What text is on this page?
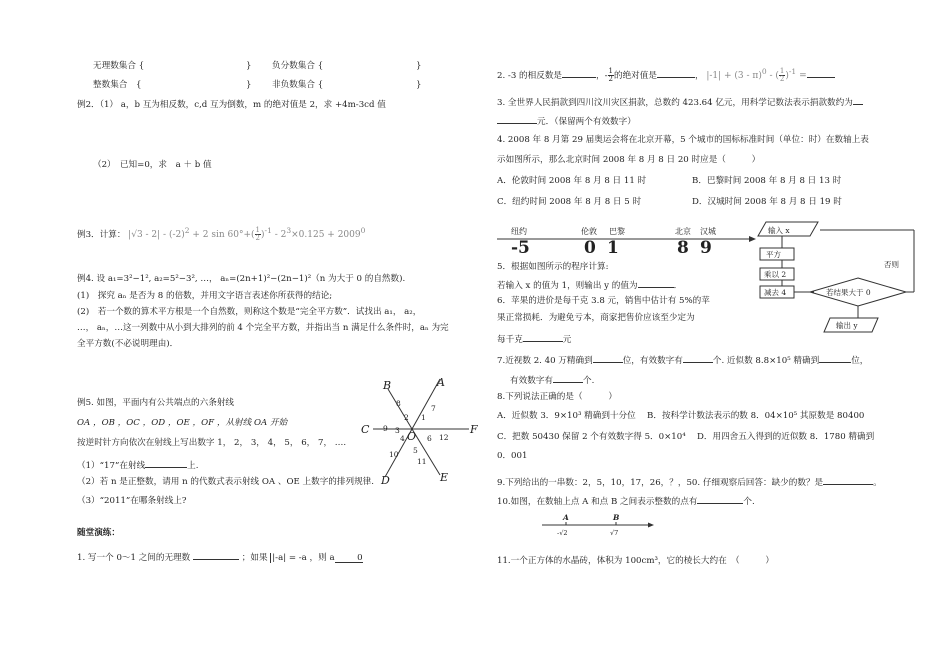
无理数集合 {	} 负分数集合 {	}
整数集合　{	} 非负数集合 {	}
例2．（1） a，b 互为相反数，c,d 互为倒数，m 的绝对值是 2，求 +4m-3cd 值
（2）　已知=0，求　a ＋ b 值
例3．计算： $|√3 - 2| - (-2)^2 + 2$ $\sin 60^\circ+( \frac{1}{2} )^{-1} - 2^3\times 0.125 + 2009^0$
例4. 设 a₁=3²−1², a₂=5²−3², …， aₙ=(2n+1)²−(2n−1)²（n 为大于 0 的自然数).
(1)　探究 aₙ 是否为 8 的倍数，并用文字语言表述你所获得的结论;
(2)　若一个数的算术平方根是一个自然数，则称这个数是“完全平方数”．试找出 a₁， a₂，
…， aₙ，…这一列数中从小到大排列的前 4 个完全平方数，并指出当 n 满足什么条件时，aₙ 为完
全平方数(不必说明理由)．
例5. 如图，平面内有公共端点的六条射线
OA ，OB ，OC ，OD ，OE ，OF ，从射线 OA 开始
按逆时针方向依次在射线上写出数字 1， 2， 3， 4， 5， 6， 7， ….
（1）“17”在射线	上.
（2）若 n 是正整数，请用 n 的代数式表示射线 OA 、OE 上数字的排列规律.
（3）“2011”在哪条射线上?
A
B
C
D	E
F
O
1
2
3
4
5
6
7
8
9
10
11
12
随堂演练：
1. 写一个 0～1 之间的无理数	；如果 |-a| = -a ，则 a	0
2. -3 的相反数是	，- $\frac{1}{2}$ 的绝对值是	， |-1| + (3 - π)$^0$ - ( $\frac{1}{2} )^{-1}$ =
3. 全世界人民捐款到四川汶川灾区捐款，总数约 423.64 亿元，用科学记数法表示捐款数约为
元．（保留两个有效数字）
4. 2008 年 8 月第 29 届奥运会将在北京开幕，5 个城市的国标标准时间（单位：时）在数轴上表
示如图所示，那么北京时间 2008 年 8 月 8 日 20 时应是（　　　）
A．伦敦时间 2008 年 8 月 8 日 11 时	B．巴黎时间 2008 年 8 月 8 日 13 时
C．纽约时间 2008 年 8 月 8 日 5 时	D．汉城时间 2008 年 8 月 8 日 19 时
纽约	伦敦 巴黎	北京 汉城
-5	0 1	8 9
输入 x
平方
乘以 2
减去 4	若结果大于 0
否则
输出 y
5．根据如图所示的程序计算:
若输入 x 的值为 1，则输出 y 的值为	．
6．苹果的进价是每千克 3.8 元，销售中估计有 5%的苹
果正常损耗．为避免亏本，商家把售价应该至少定为
每千克	元
7.近视数 2. 40 万精确到	位，有效数字有	个. 近似数 8.8×10⁵ 精确到	位，
有效数字有	个.
8.下列说法正确的是（　　　）
A．近似数 3．9×10³ 精确到十分位　 B．按科学计数法表示的数 8．04×10⁵ 其原数是 80400
C．把数 50430 保留 2 个有效数字得 5．0×10⁴　 D．用四舍五入得到的近似数 8．1780 精确到
0．001
9.下列给出的一串数：2，5，10，17，26，？，50. 仔细观察后回答：缺少的数？是	。
10.如图，在数轴上点 A 和点 B 之间表示整数的点有	个.
A	B
-√2	√7
11.一个正方体的水晶砖，体积为 100cm³，它的棱长大约在　（　　　）
